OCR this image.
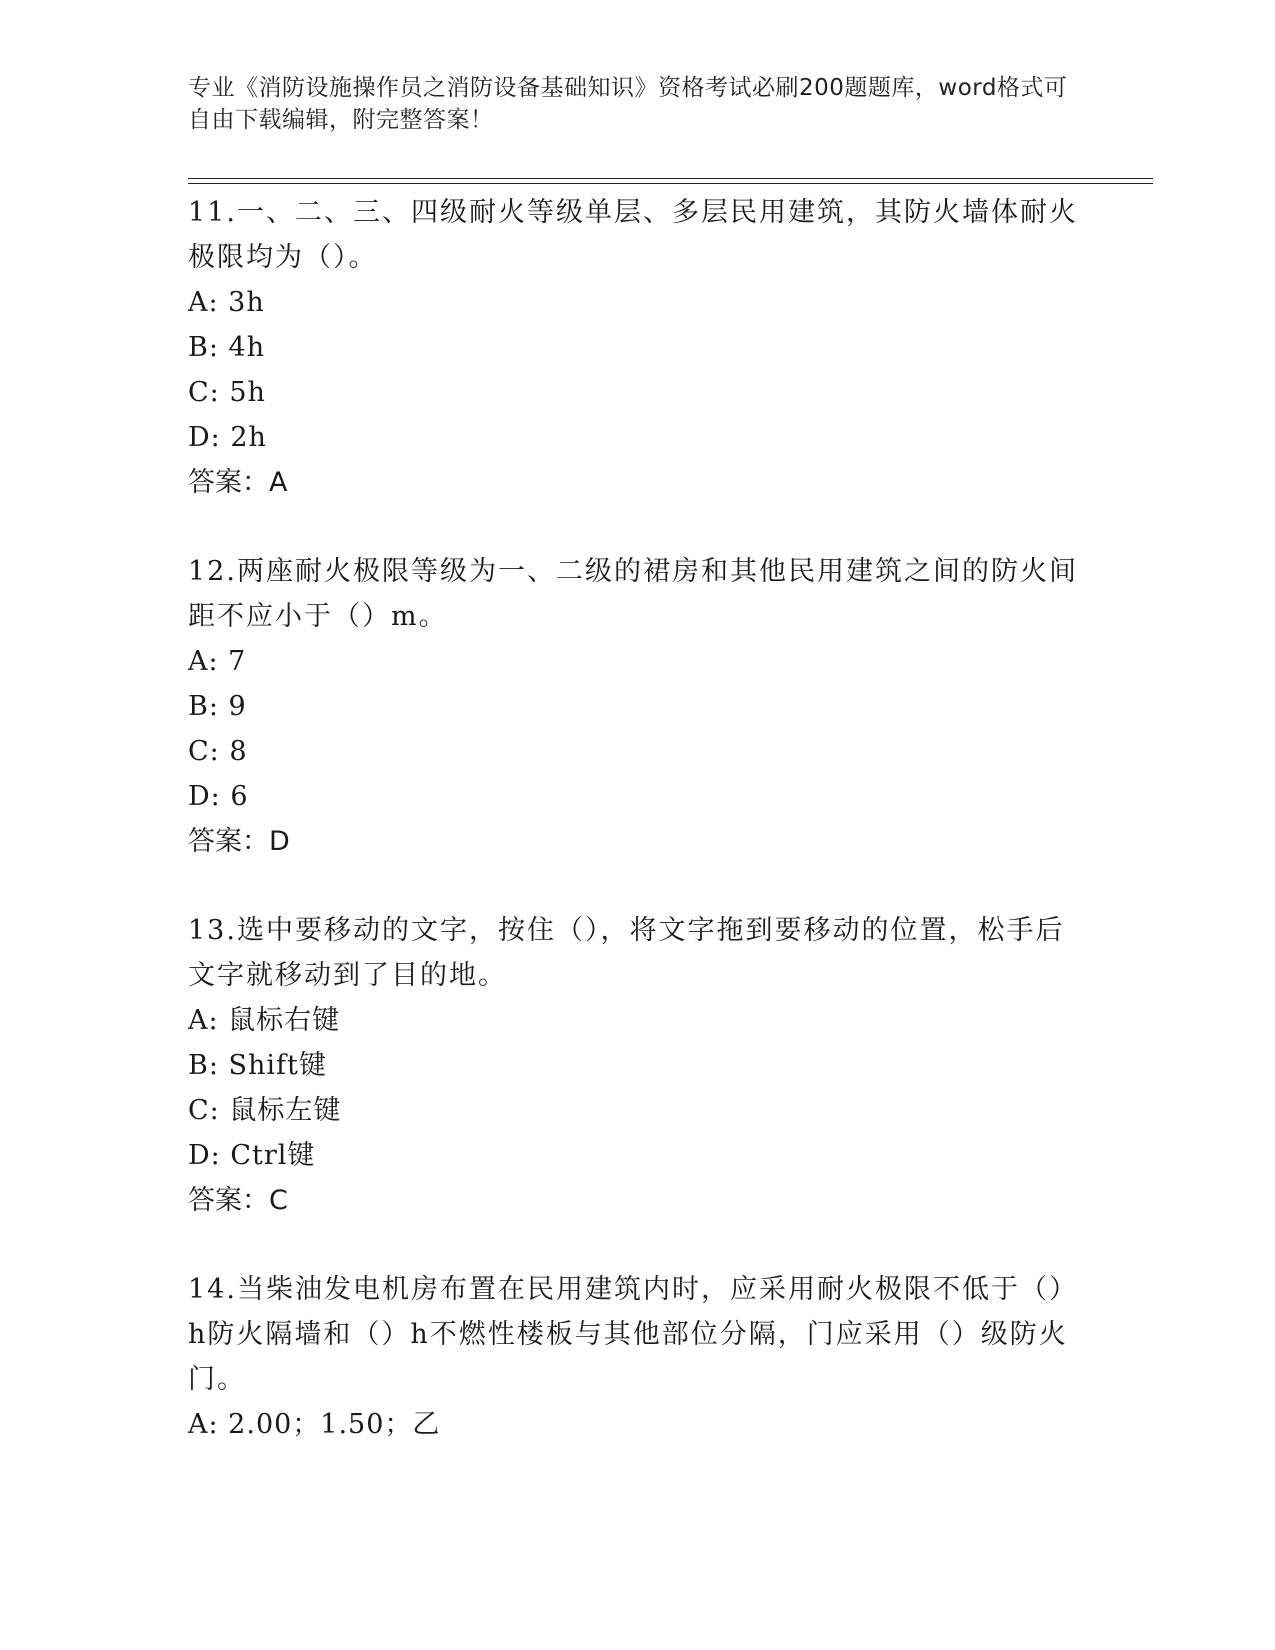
专业《消防设施操作员之消防设备基础知识》资格考试必刷200题题库，word格式可自由下载编辑，附完整答案！

11.一、二、三、四级耐火等级单层、多层民用建筑，其防火墙体耐火极限均为（）。

A: 3h

B: 4h

C: 5h

D: 2h

答案：A

12.两座耐火极限等级为一、二级的裙房和其他民用建筑之间的防火间距不应小于（）m。

A: 7

B: 9

C: 8

D: 6

答案：D

13.选中要移动的文字，按住（），将文字拖到要移动的位置，松手后文字就移动到了目的地。

A: 鼠标右键

B: Shift键

C: 鼠标左键

D: Ctrl键

答案：C

14.当柴油发电机房布置在民用建筑内时，应采用耐火极限不低于（）h防火隔墙和（）h不燃性楼板与其他部位分隔，门应采用（）级防火门。

A: 2.00；1.50；乙
